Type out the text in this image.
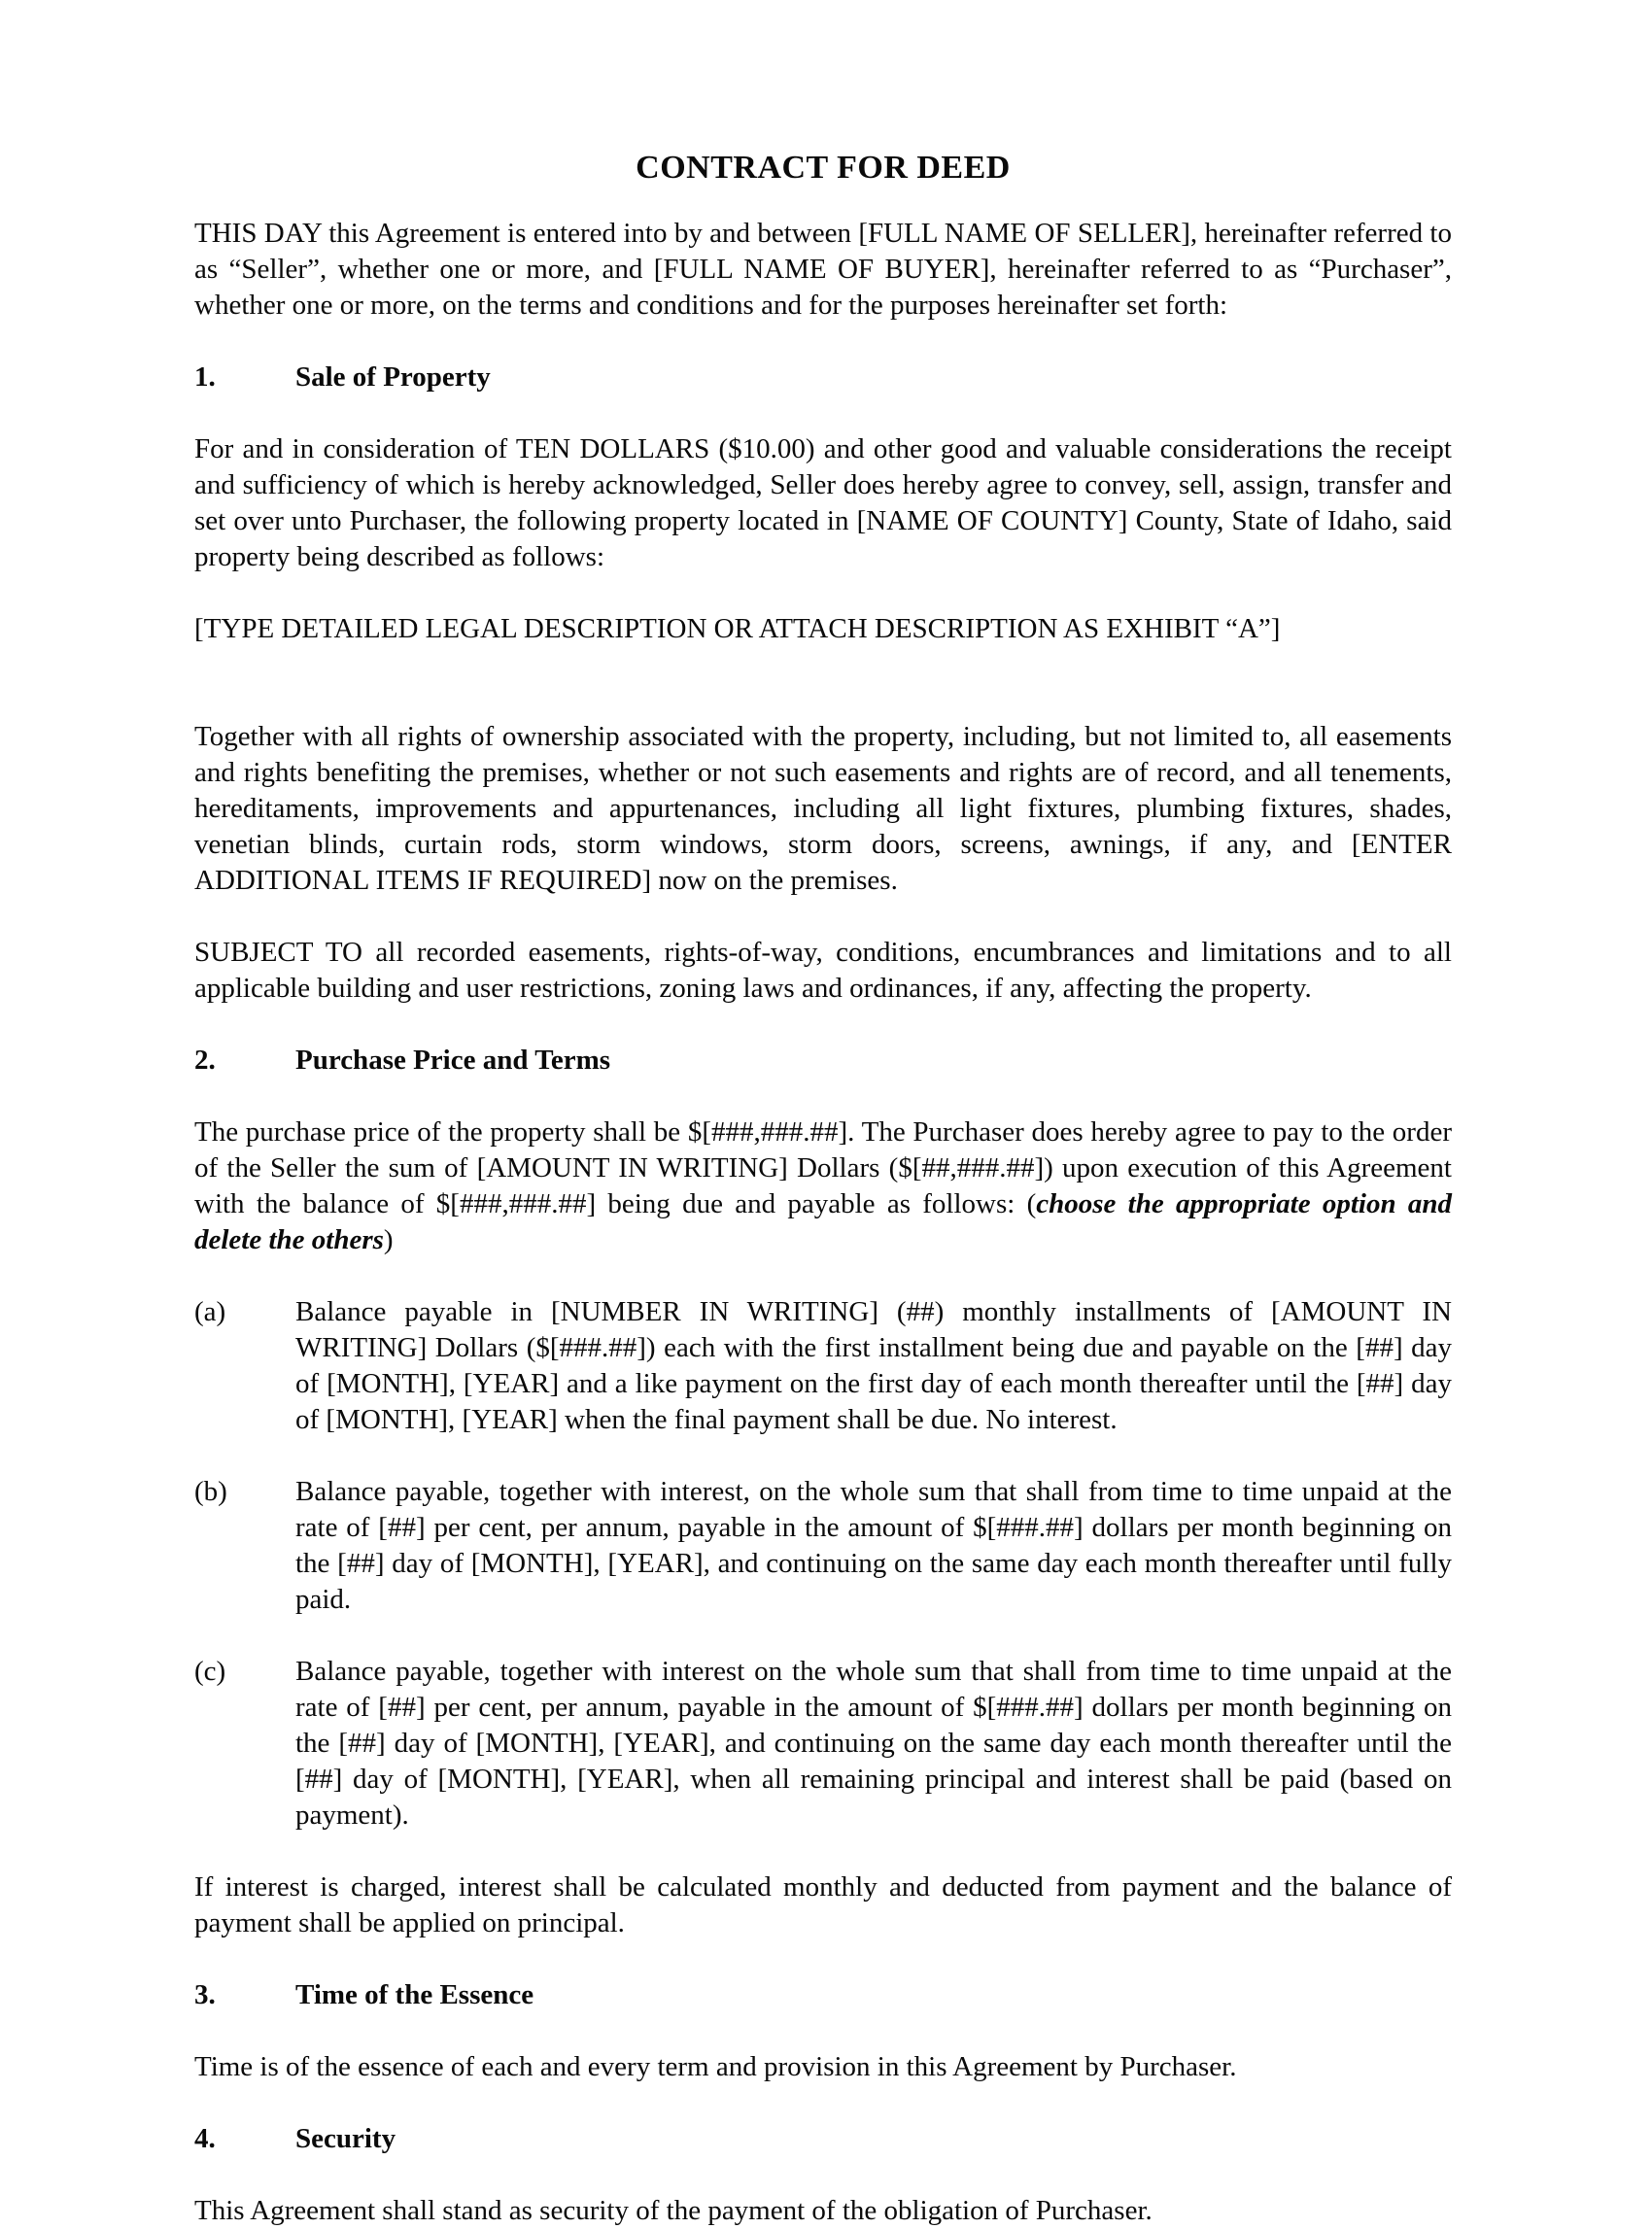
CONTRACT FOR DEED

THIS DAY this Agreement is entered into by and between [FULL NAME OF SELLER], hereinafter referred to as “Seller”, whether one or more, and [FULL NAME OF BUYER], hereinafter referred to as “Purchaser”, whether one or more, on the terms and conditions and for the purposes hereinafter set forth:

1.	Sale of Property

For and in consideration of TEN DOLLARS ($10.00) and other good and valuable considerations the receipt and sufficiency of which is hereby acknowledged, Seller does hereby agree to convey, sell, assign, transfer and set over unto Purchaser, the following property located in [NAME OF COUNTY] County, State of Idaho, said property being described as follows:

[TYPE DETAILED LEGAL DESCRIPTION OR ATTACH DESCRIPTION AS EXHIBIT “A”]

Together with all rights of ownership associated with the property, including, but not limited to, all easements and rights benefiting the premises, whether or not such easements and rights are of record, and all tenements, hereditaments, improvements and appurtenances, including all light fixtures, plumbing fixtures, shades, venetian blinds, curtain rods, storm windows, storm doors, screens, awnings, if any, and [ENTER ADDITIONAL ITEMS IF REQUIRED] now on the premises.

SUBJECT TO all recorded easements, rights-of-way, conditions, encumbrances and limitations and to all applicable building and user restrictions, zoning laws and ordinances, if any, affecting the property.

2.	Purchase Price and Terms

The purchase price of the property shall be $[###,###.##]. The Purchaser does hereby agree to pay to the order of the Seller the sum of [AMOUNT IN WRITING] Dollars ($[##,###.##]) upon execution of this Agreement with the balance of $[###,###.##] being due and payable as follows: (choose the appropriate option and delete the others)

(a)	Balance payable in [NUMBER IN WRITING] (##) monthly installments of [AMOUNT IN WRITING] Dollars ($[###.##]) each with the first installment being due and payable on the [##] day of [MONTH], [YEAR] and a like payment on the first day of each month thereafter until the [##] day of [MONTH], [YEAR] when the final payment shall be due. No interest.
(b)	Balance payable, together with interest, on the whole sum that shall from time to time unpaid at the rate of [##] per cent, per annum, payable in the amount of $[###.##] dollars per month beginning on the [##] day of [MONTH], [YEAR], and continuing on the same day each month thereafter until fully paid.
(c)	Balance payable, together with interest on the whole sum that shall from time to time unpaid at the rate of [##] per cent, per annum, payable in the amount of $[###.##] dollars per month beginning on the [##] day of [MONTH], [YEAR], and continuing on the same day each month thereafter until the [##] day of [MONTH], [YEAR], when all remaining principal and interest shall be paid (based on payment).

If interest is charged, interest shall be calculated monthly and deducted from payment and the balance of payment shall be applied on principal.

3.	Time of the Essence

Time is of the essence of each and every term and provision in this Agreement by Purchaser.

4.	Security

This Agreement shall stand as security of the payment of the obligation of Purchaser.
